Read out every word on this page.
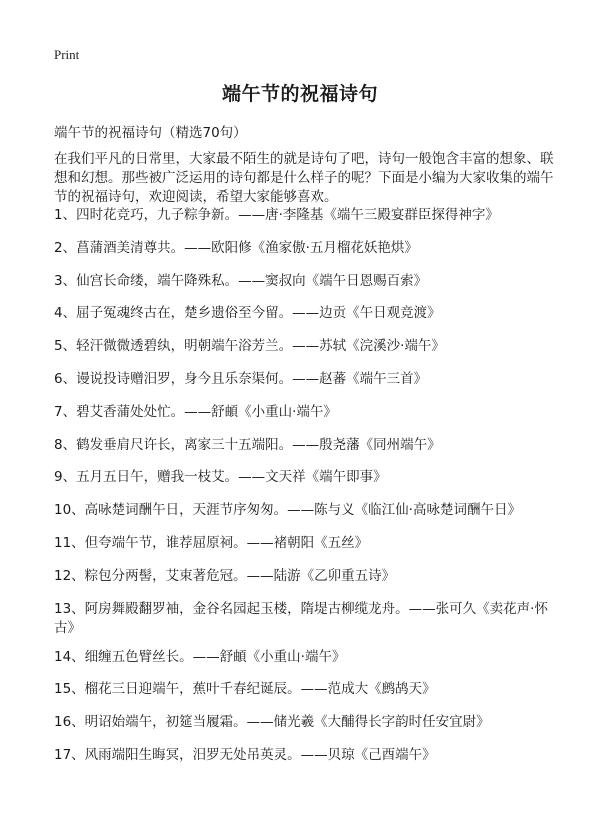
Print
端午节的祝福诗句
端午节的祝福诗句（精选70句）
在我们平凡的日常里，大家最不陌生的就是诗句了吧，诗句一般饱含丰富的想象、联想和幻想。那些被广泛运用的诗句都是什么样子的呢？下面是小编为大家收集的端午节的祝福诗句，欢迎阅读，希望大家能够喜欢。
1、四时花竞巧，九子粽争新。——唐·李隆基《端午三殿宴群臣探得神字》
2、菖蒲酒美清尊共。——欧阳修《渔家傲·五月榴花妖艳烘》
3、仙宫长命缕，端午降殊私。——窦叔向《端午日恩赐百索》
4、屈子冤魂终古在，楚乡遗俗至今留。——边贡《午日观竞渡》
5、轻汗微微透碧纨，明朝端午浴芳兰。——苏轼《浣溪沙·端午》
6、谩说投诗赠汨罗，身今且乐奈渠何。——赵蕃《端午三首》
7、碧艾香蒲处处忙。——舒頔《小重山·端午》
8、鹤发垂肩尺许长，离家三十五端阳。——殷尧藩《同州端午》
9、五月五日午，赠我一枝艾。——文天祥《端午即事》
10、高咏楚词酬午日，天涯节序匆匆。——陈与义《临江仙·高咏楚词酬午日》
11、但夸端午节，谁荐屈原祠。——褚朝阳《五丝》
12、粽包分两髻，艾束著危冠。——陆游《乙卯重五诗》
13、阿房舞殿翻罗袖，金谷名园起玉楼，隋堤古柳缆龙舟。——张可久《卖花声·怀古》
14、细缠五色臂丝长。——舒頔《小重山·端午》
15、榴花三日迎端午，蕉叶千春纪诞辰。——范成大《鹧鸪天》
16、明诏始端午，初筵当履霜。——储光羲《大酺得长字韵时任安宜尉》
17、风雨端阳生晦冥，汨罗无处吊英灵。——贝琼《己酉端午》
